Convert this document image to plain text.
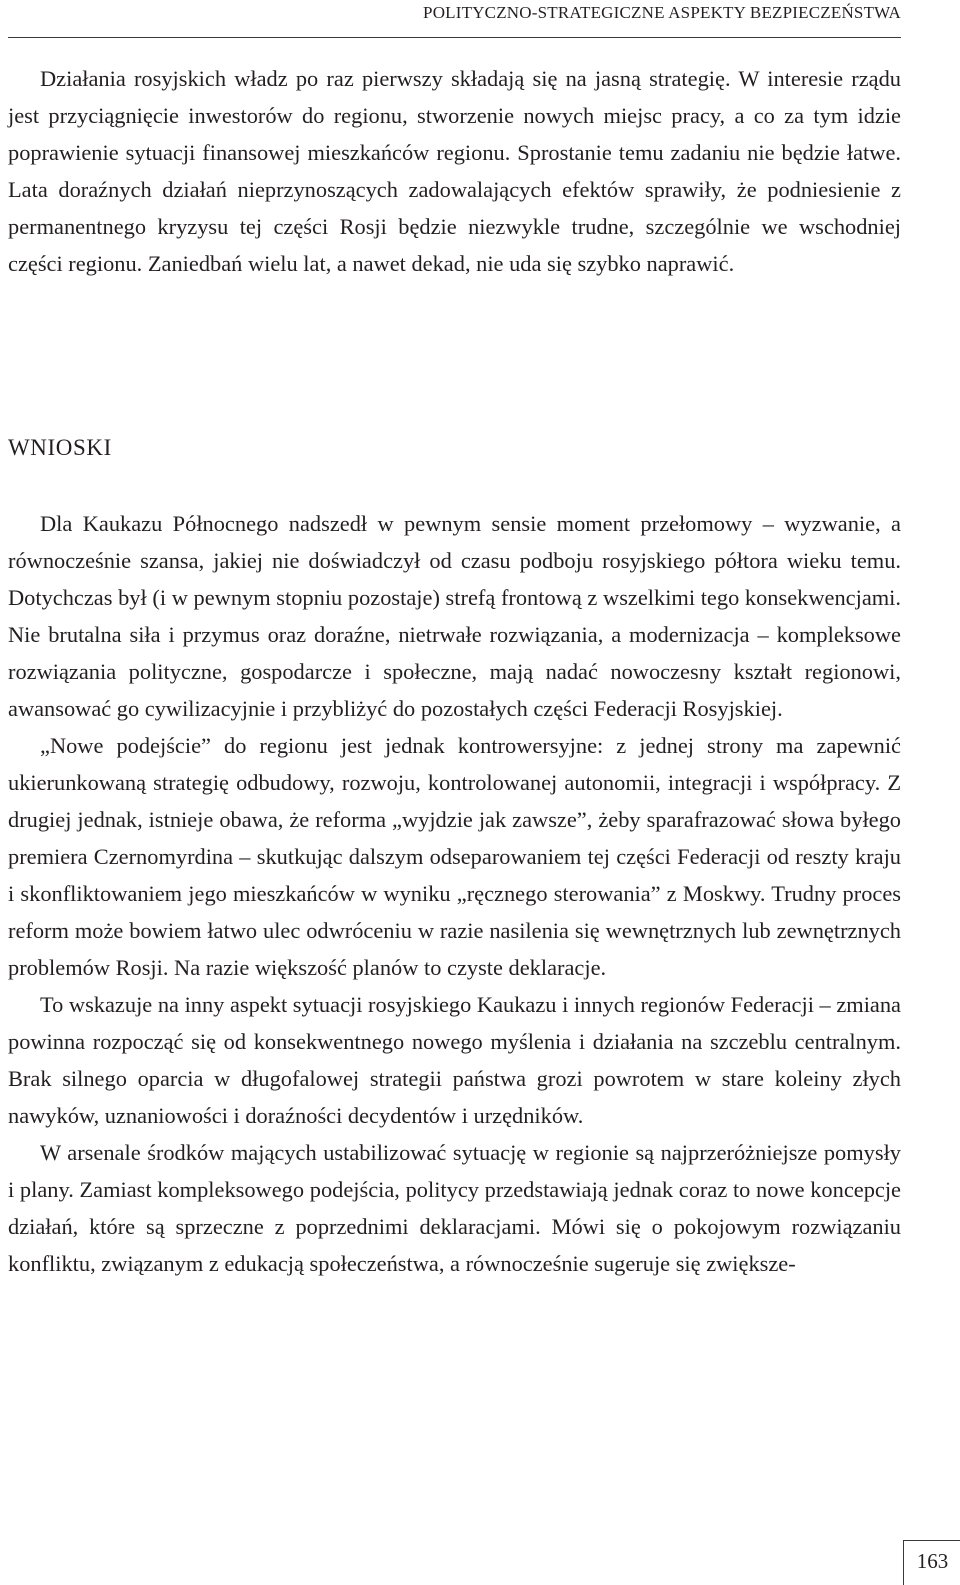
POLITYCZNO-STRATEGICZNE ASPEKTY BEZPIECZEŃSTWA

Działania rosyjskich władz po raz pierwszy składają się na jasną strategię. W interesie rządu jest przyciągnięcie inwestorów do regionu, stworzenie nowych miejsc pracy, a co za tym idzie poprawienie sytuacji finansowej mieszkańców regionu. Sprostanie temu zadaniu nie będzie łatwe. Lata doraźnych działań nieprzynoszących zadowalających efektów sprawiły, że podniesienie z permanentnego kryzysu tej części Rosji będzie niezwykle trudne, szczególnie we wschodniej części regionu. Zaniedbań wielu lat, a nawet dekad, nie uda się szybko naprawić.

WNIOSKI

Dla Kaukazu Północnego nadszedł w pewnym sensie moment przełomowy – wyzwanie, a równocześnie szansa, jakiej nie doświadczył od czasu podboju rosyjskiego półtora wieku temu. Dotychczas był (i w pewnym stopniu pozostaje) strefą frontową z wszelkimi tego konsekwencjami. Nie brutalna siła i przymus oraz doraźne, nietrwałe rozwiązania, a modernizacja – kompleksowe rozwiązania polityczne, gospodarcze i społeczne, mają nadać nowoczesny kształt regionowi, awansować go cywilizacyjnie i przybliżyć do pozostałych części Federacji Rosyjskiej.

„Nowe podejście” do regionu jest jednak kontrowersyjne: z jednej strony ma zapewnić ukierunkowaną strategię odbudowy, rozwoju, kontrolowanej autonomii, integracji i współpracy. Z drugiej jednak, istnieje obawa, że reforma „wyjdzie jak zawsze”, żeby sparafrazować słowa byłego premiera Czernomyrdina – skutkując dalszym odseparowaniem tej części Federacji od reszty kraju i skonfliktowaniem jego mieszkańców w wyniku „ręcznego sterowania” z Moskwy. Trudny proces reform może bowiem łatwo ulec odwróceniu w razie nasilenia się wewnętrznych lub zewnętrznych problemów Rosji. Na razie większość planów to czyste deklaracje.

To wskazuje na inny aspekt sytuacji rosyjskiego Kaukazu i innych regionów Federacji – zmiana powinna rozpocząć się od konsekwentnego nowego myślenia i działania na szczeblu centralnym. Brak silnego oparcia w długofalowej strategii państwa grozi powrotem w stare koleiny złych nawyków, uznaniowości i doraźności decydentów i urzędników.

W arsenale środków mających ustabilizować sytuację w regionie są najprzeróżniejsze pomysły i plany. Zamiast kompleksowego podejścia, politycy przedstawiają jednak coraz to nowe koncepcje działań, które są sprzeczne z poprzednimi deklaracjami. Mówi się o pokojowym rozwiązaniu konfliktu, związanym z edukacją społeczeństwa, a równocześnie sugeruje się zwiększe-

163
